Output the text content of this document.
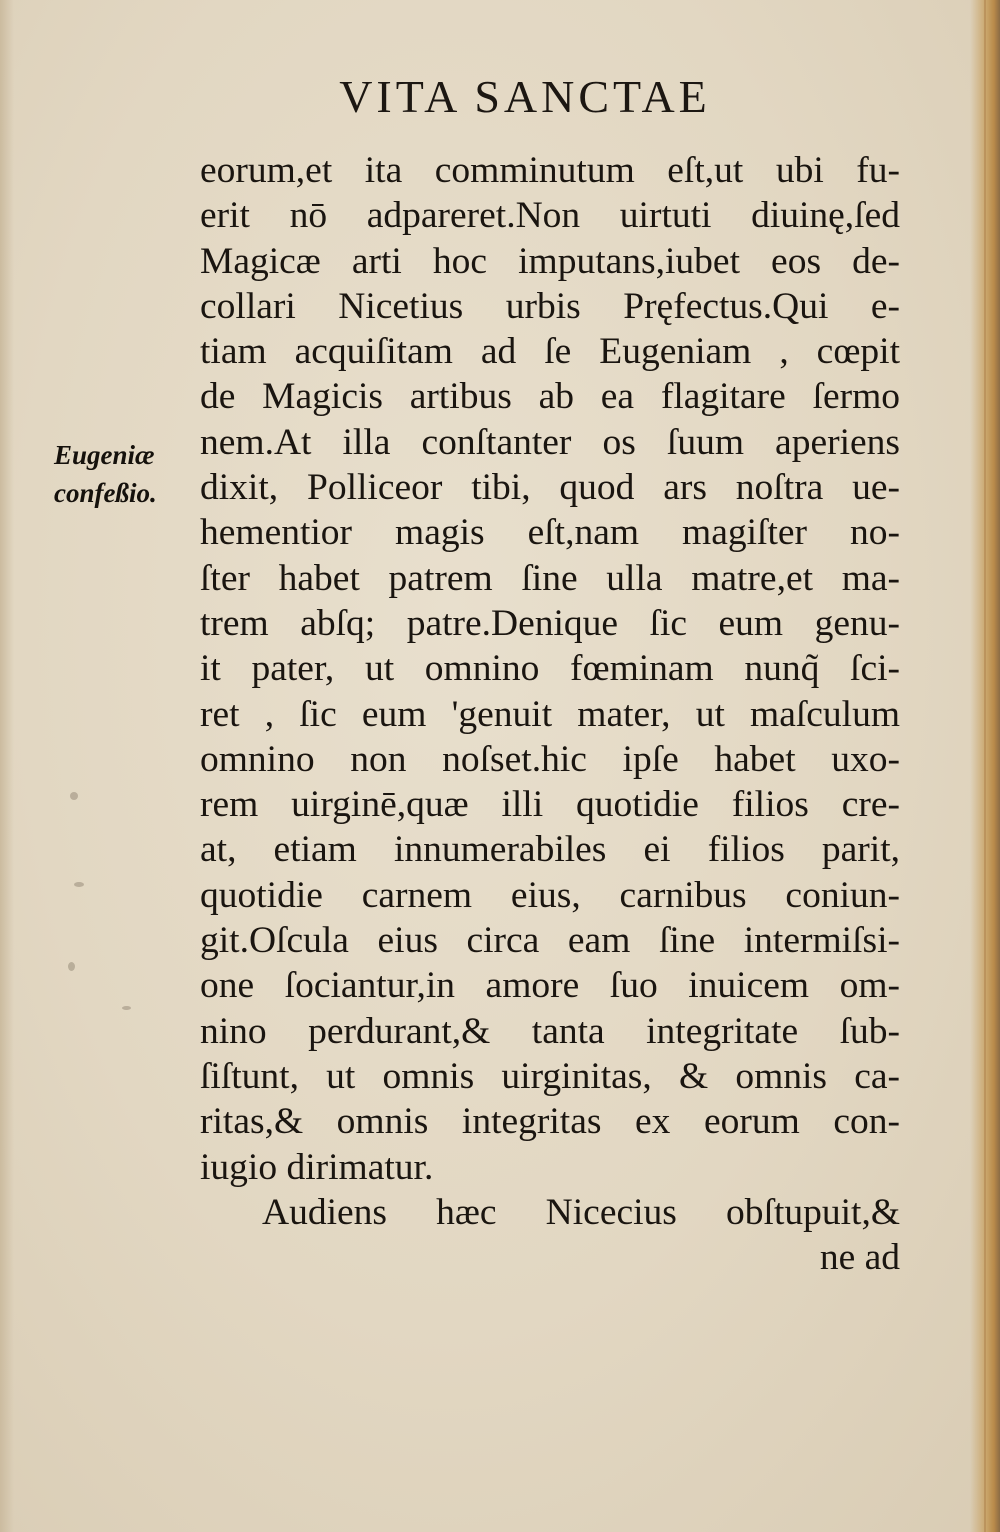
VITA SANCTAE
Eugeniæ
confeßio.
eorum,et ita comminutum eſt,ut ubi fu-
erit nō adpareret.Non uirtuti diuinę,ſed
Magicæ arti hoc imputans,iubet eos de-
collari Nicetius urbis Pręfectus.Qui e-
tiam acquiſitam ad ſe Eugeniam , cœpit
de Magicis artibus ab ea flagitare ſermo
nem.At illa conſtanter os ſuum aperiens
dixit, Polliceor tibi, quod ars noſtra ue-
hementior magis eſt,nam magiſter no-
ſter habet patrem ſine ulla matre,et ma-
trem abſq; patre.Denique ſic eum genu-
it pater, ut omnino fœminam nunq̃ ſci-
ret , ſic eum 'genuit mater, ut maſculum
omnino non noſset.hic ipſe habet uxo-
rem uirginē,quæ illi quotidie filios cre-
at, etiam innumerabiles ei filios parit,
quotidie carnem eius, carnibus coniun-
git.Oſcula eius circa eam ſine intermiſsi-
one ſociantur,in amore ſuo inuicem om-
nino perdurant,& tanta integritate ſub-
ſiſtunt, ut omnis uirginitas, & omnis ca-
ritas,& omnis integritas ex eorum con-
iugio dirimatur.
Audiens hæc Nicecius obſtupuit,&
ne ad
